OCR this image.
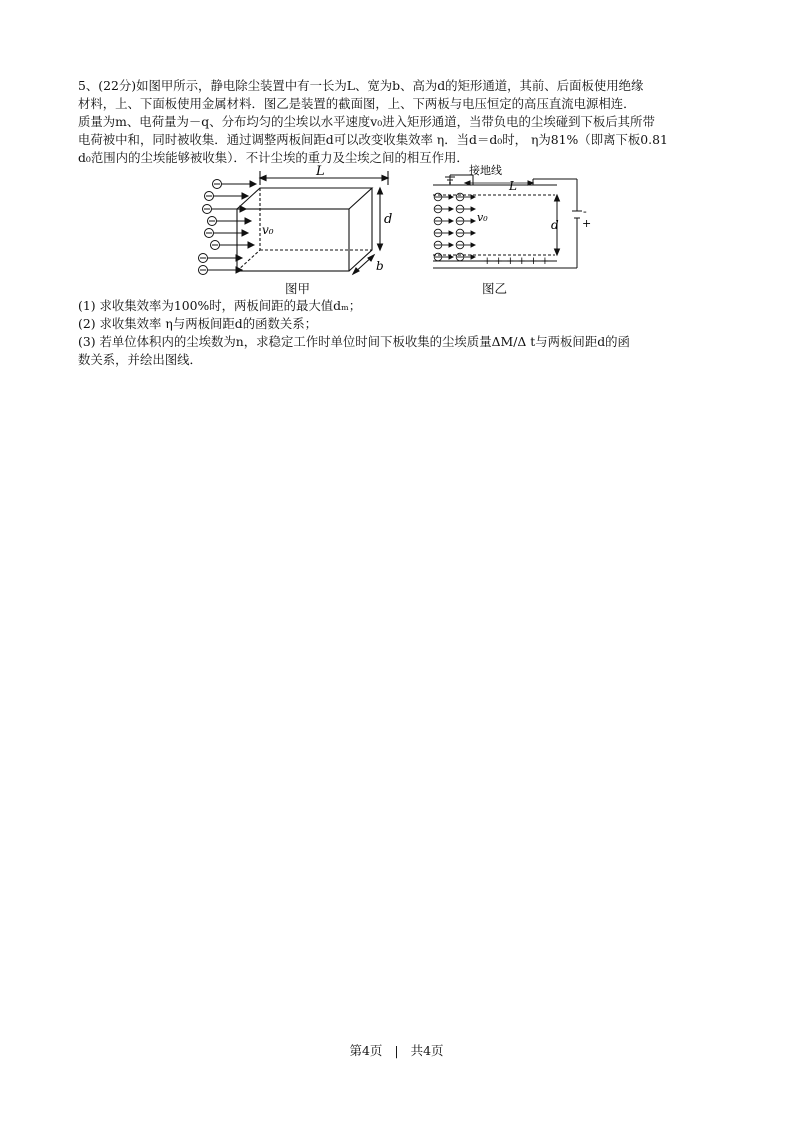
5、(22分)如图甲所示，静电除尘装置中有一长为L、宽为b、高为d的矩形通道，其前、后面板使用绝缘
材料，上、下面板使用金属材料．图乙是装置的截面图，上、下两板与电压恒定的高压直流电源相连．
质量为m、电荷量为－q、分布均匀的尘埃以水平速度v₀进入矩形通道，当带负电的尘埃碰到下板后其所带
电荷被中和，同时被收集．通过调整两板间距d可以改变收集效率 η．当d＝d₀时， η为81%（即离下板0.81
d₀范围内的尘埃能够被收集）．不计尘埃的重力及尘埃之间的相互作用．
L
d
b
v₀
图甲
接地线
L
d
v₀	-
+
+ + + + + +
图乙
(1) 求收集效率为100%时，两板间距的最大值dₘ；
(2) 求收集效率 η与两板间距d的函数关系；
(3) 若单位体积内的尘埃数为n，求稳定工作时单位时间下板收集的尘埃质量ΔM/Δ t与两板间距d的函
数关系，并绘出图线．
第4页 | 共4页
